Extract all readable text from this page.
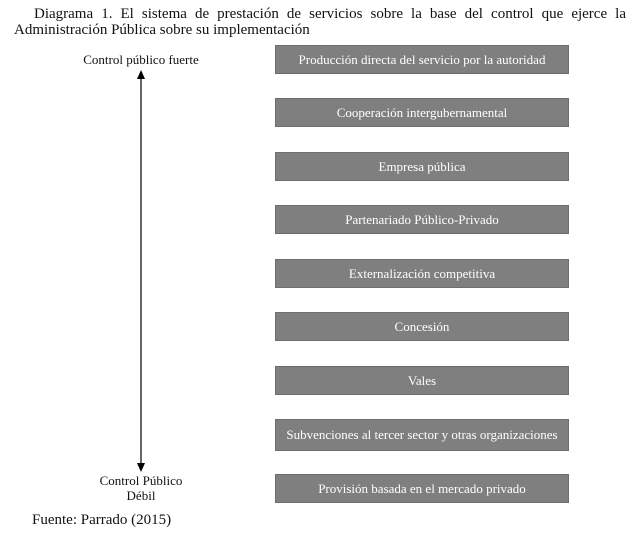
Diagrama 1. El sistema de prestación de servicios sobre la base del control que ejerce la
Administración Pública sobre su implementación
Control público fuerte
Control Público
Débil
Producción directa del servicio por la autoridad
Cooperación intergubernamental
Empresa pública
Partenariado Público-Privado
Externalización competitiva
Concesión
Vales
Subvenciones al tercer sector y otras organizaciones
Provisión basada en el mercado privado
Fuente: Parrado (2015)
